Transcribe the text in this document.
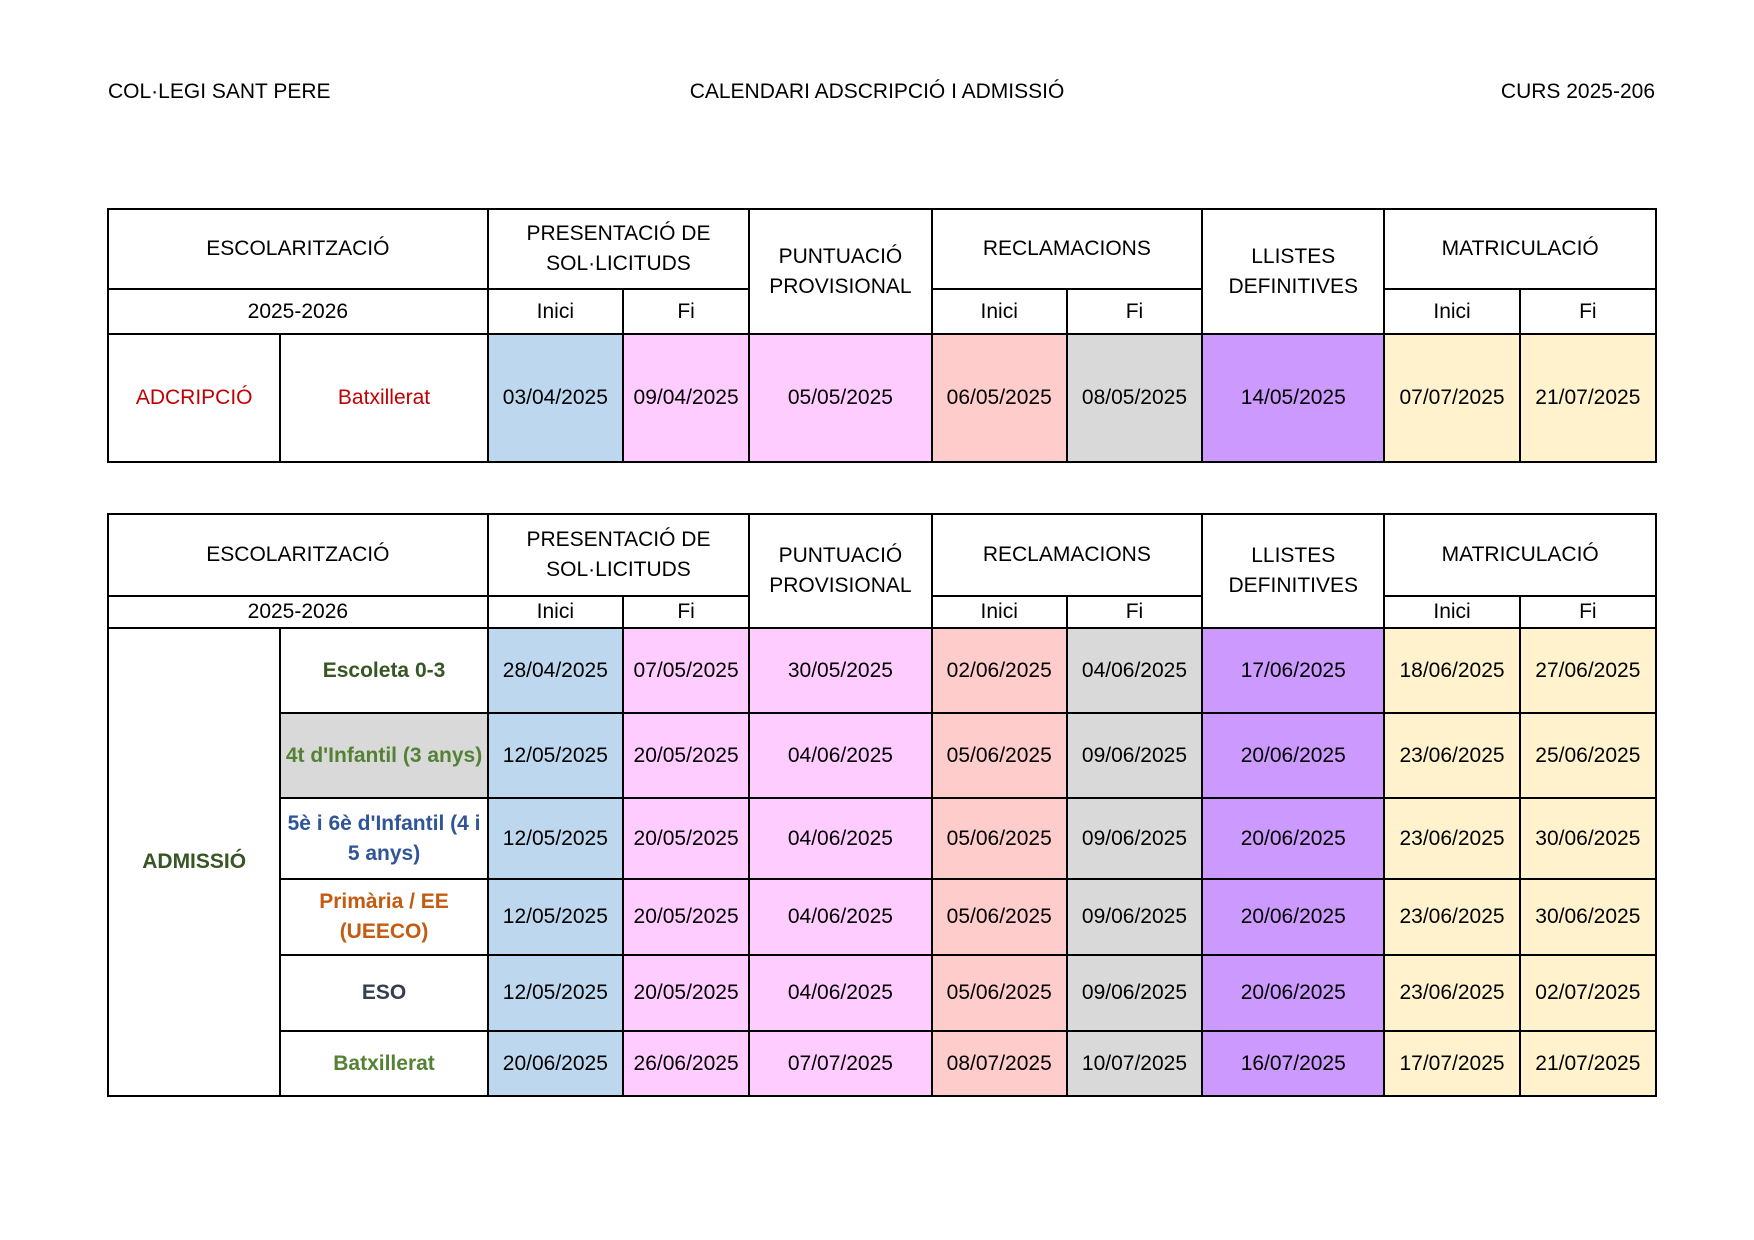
COL·LEGI SANT PERE	CALENDARI ADSCRIPCIÓ I ADMISSIÓ	CURS 2025-206
ESCOLARITZACIÓ		PRESENTACIÓ DE SOL·LICITUDS		PUNTUACIÓ PROVISIONAL	RECLAMACIONS		LLISTES DEFINITIVES	MATRICULACIÓ	
2025-2026		Inici	Fi		Inici	Fi		Inici	Fi
ADCRIPCIÓ	Batxillerat	03/04/2025	09/04/2025	05/05/2025	06/05/2025	08/05/2025	14/05/2025	07/07/2025	21/07/2025
ESCOLARITZACIÓ		PRESENTACIÓ DE SOL·LICITUDS		PUNTUACIÓ PROVISIONAL	RECLAMACIONS		LLISTES DEFINITIVES	MATRICULACIÓ	
2025-2026		Inici	Fi		Inici	Fi		Inici	Fi
ADMISSIÓ	Escoleta 0-3	28/04/2025	07/05/2025	30/05/2025	02/06/2025	04/06/2025	17/06/2025	18/06/2025	27/06/2025
	4t d'Infantil (3 anys)	12/05/2025	20/05/2025	04/06/2025	05/06/2025	09/06/2025	20/06/2025	23/06/2025	25/06/2025
	5è i 6è d'Infantil (4 i 5 anys)	12/05/2025	20/05/2025	04/06/2025	05/06/2025	09/06/2025	20/06/2025	23/06/2025	30/06/2025
	Primària / EE (UEECO)	12/05/2025	20/05/2025	04/06/2025	05/06/2025	09/06/2025	20/06/2025	23/06/2025	30/06/2025
	ESO	12/05/2025	20/05/2025	04/06/2025	05/06/2025	09/06/2025	20/06/2025	23/06/2025	02/07/2025
	Batxillerat	20/06/2025	26/06/2025	07/07/2025	08/07/2025	10/07/2025	16/07/2025	17/07/2025	21/07/2025
